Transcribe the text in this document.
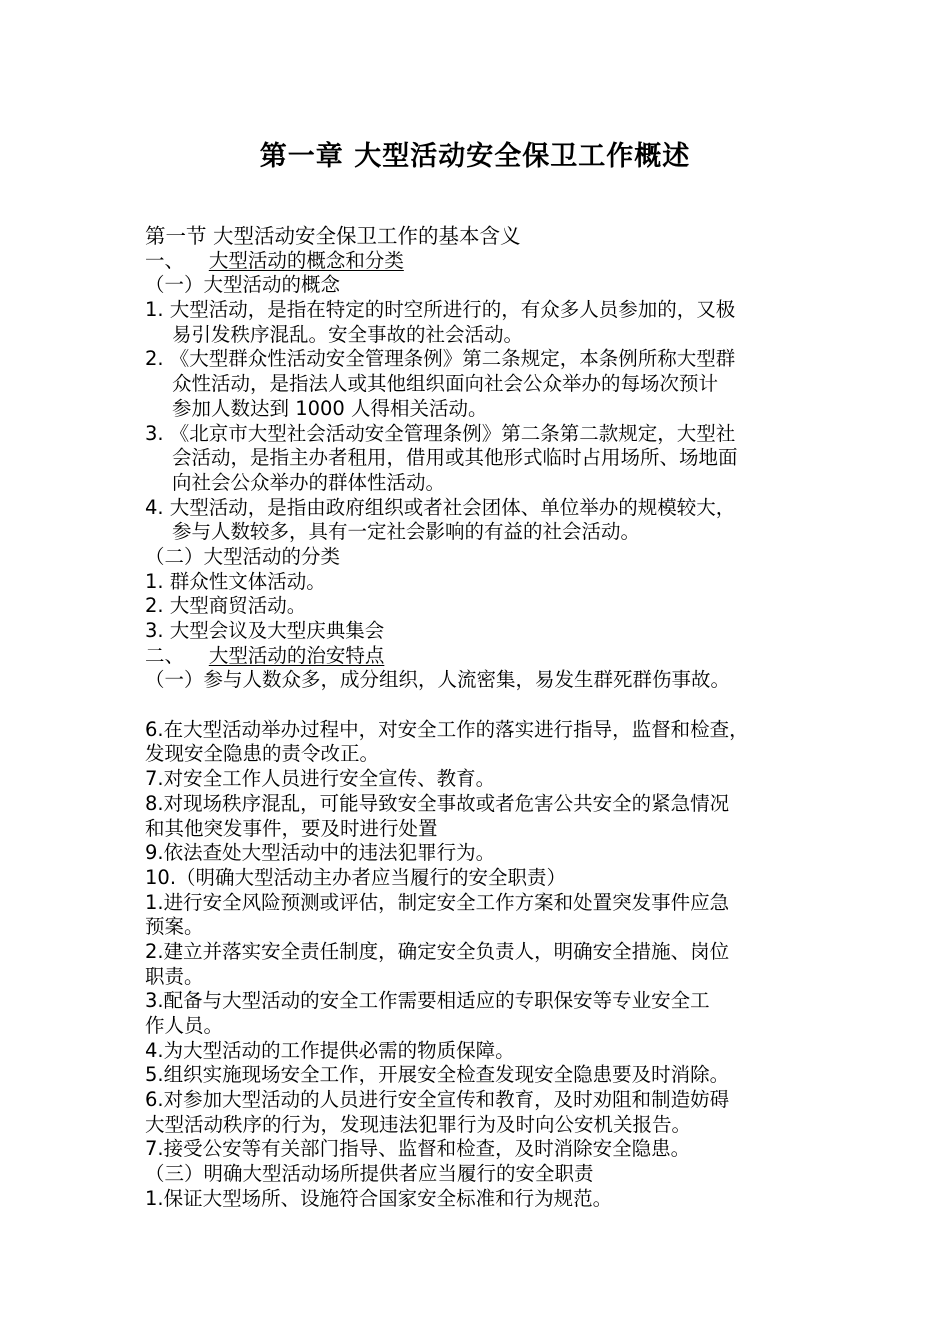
第一章 大型活动安全保卫工作概述
第一节 大型活动安全保卫工作的基本含义
一、 大型活动的概念和分类
（一）大型活动的概念
1. 大型活动，是指在特定的时空所进行的，有众多人员参加的，又极
易引发秩序混乱。安全事故的社会活动。
2. 《大型群众性活动安全管理条例》第二条规定，本条例所称大型群
众性活动，是指法人或其他组织面向社会公众举办的每场次预计
参加人数达到 1000 人得相关活动。
3. 《北京市大型社会活动安全管理条例》第二条第二款规定，大型社
会活动，是指主办者租用，借用或其他形式临时占用场所、场地面
向社会公众举办的群体性活动。
4. 大型活动，是指由政府组织或者社会团体、单位举办的规模较大，
参与人数较多，具有一定社会影响的有益的社会活动。
（二）大型活动的分类
1. 群众性文体活动。
2. 大型商贸活动。
3. 大型会议及大型庆典集会
二、 大型活动的治安特点
（一）参与人数众多，成分组织，人流密集，易发生群死群伤事故。
6.在大型活动举办过程中，对安全工作的落实进行指导，监督和检查，
发现安全隐患的责令改正。
7.对安全工作人员进行安全宣传、教育。
8.对现场秩序混乱，可能导致安全事故或者危害公共安全的紧急情况
和其他突发事件，要及时进行处置
9.依法查处大型活动中的违法犯罪行为。
10.（明确大型活动主办者应当履行的安全职责）
1.进行安全风险预测或评估，制定安全工作方案和处置突发事件应急
预案。
2.建立并落实安全责任制度，确定安全负责人，明确安全措施、岗位
职责。
3.配备与大型活动的安全工作需要相适应的专职保安等专业安全工
作人员。
4.为大型活动的工作提供必需的物质保障。
5.组织实施现场安全工作，开展安全检查发现安全隐患要及时消除。
6.对参加大型活动的人员进行安全宣传和教育，及时劝阻和制造妨碍
大型活动秩序的行为，发现违法犯罪行为及时向公安机关报告。
7.接受公安等有关部门指导、监督和检查，及时消除安全隐患。
（三）明确大型活动场所提供者应当履行的安全职责
1.保证大型场所、设施符合国家安全标准和行为规范。
